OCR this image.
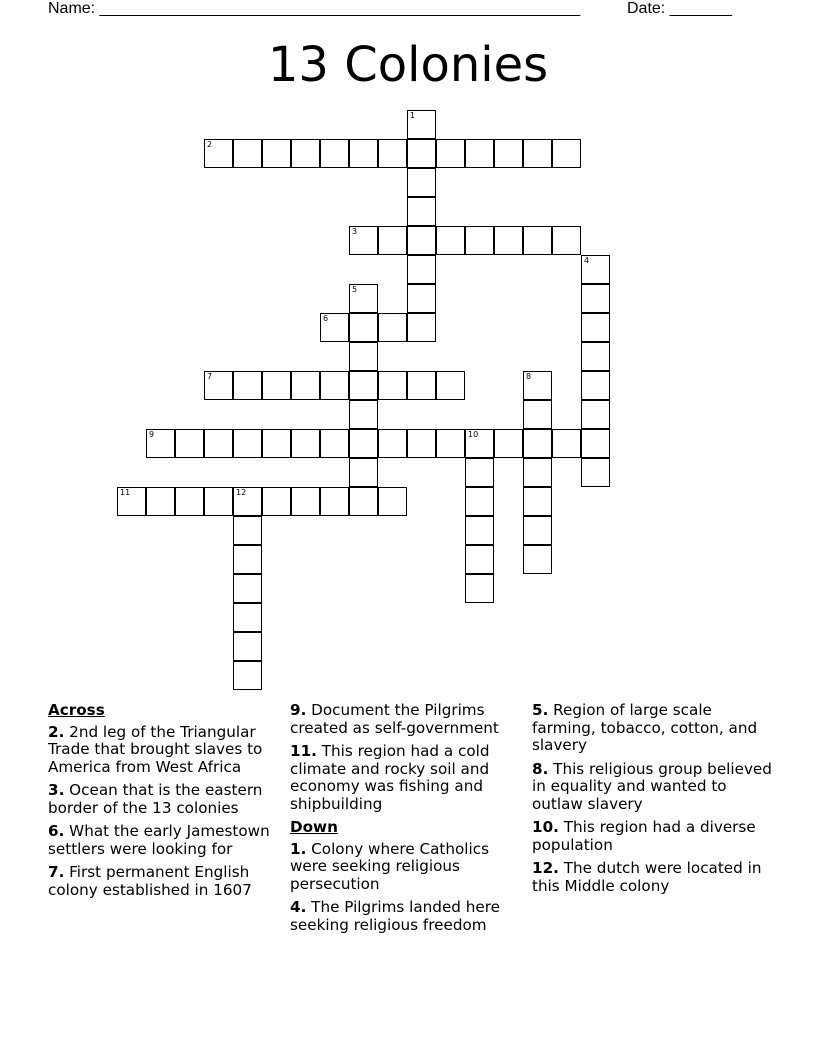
Name: ______________________________________________________	Date: _______
13 Colonies
1
2
3
4
5
6
7	8
9	10
11	12
Across
2. 2nd leg of the Triangular Trade that brought slaves to America from West Africa
3. Ocean that is the eastern border of the 13 colonies
6. What the early Jamestown settlers were looking for
7. First permanent English colony established in 1607
9. Document the Pilgrims created as self-government
11. This region had a cold climate and rocky soil and economy was fishing and shipbuilding
Down
1. Colony where Catholics were seeking religious persecution
4. The Pilgrims landed here seeking religious freedom
5. Region of large scale farming, tobacco, cotton, and slavery
8. This religious group believed in equality and wanted to outlaw slavery
10. This region had a diverse population
12. The dutch were located in this Middle colony
